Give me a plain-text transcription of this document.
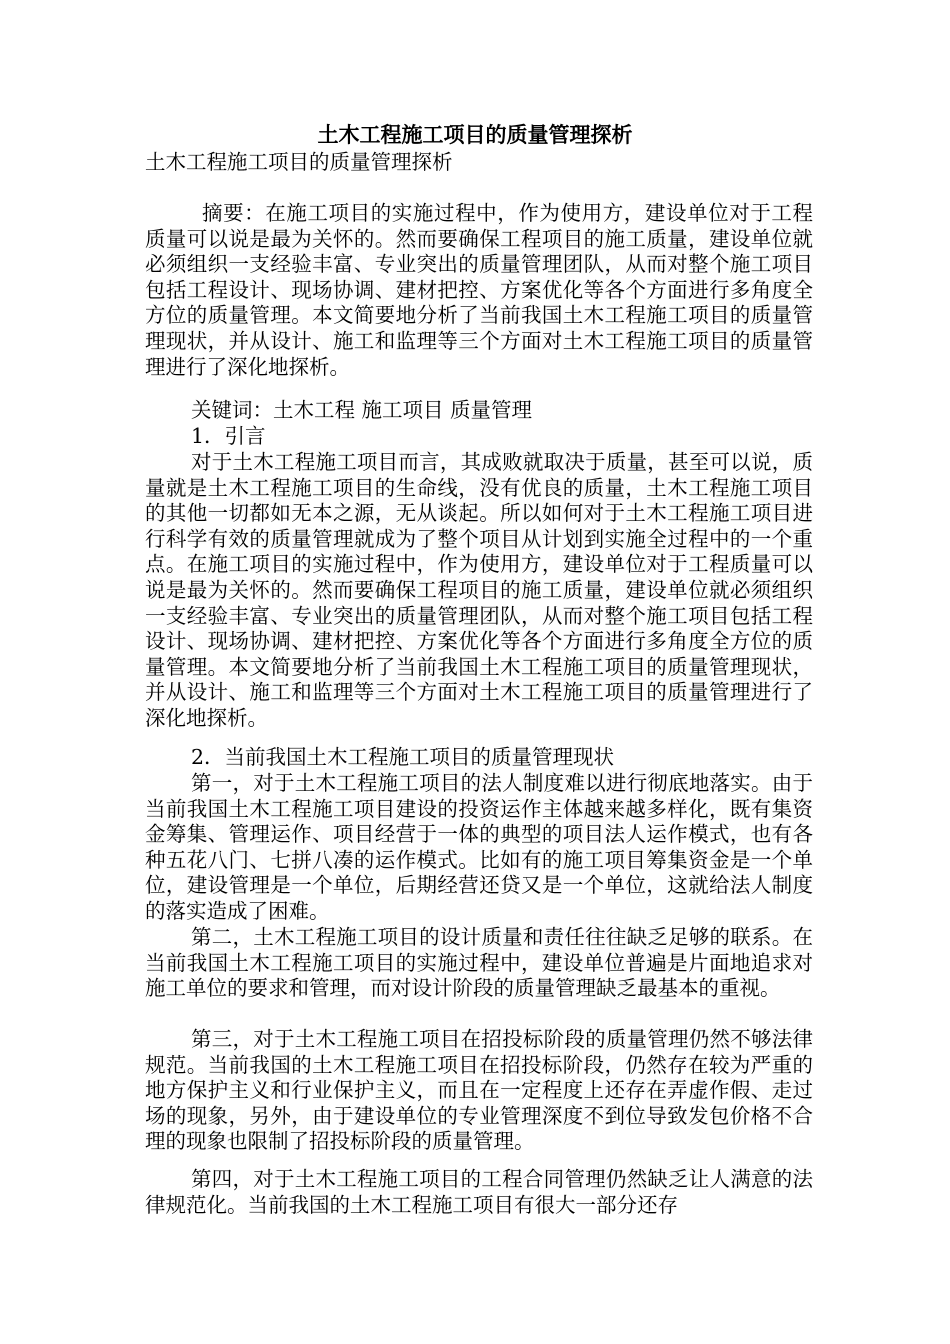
土木工程施工项目的质量管理探析

土木工程施工项目的质量管理探析

摘要：在施工项目的实施过程中，作为使用方，建设单位对于工程质量可以说是最为关怀的。然而要确保工程项目的施工质量，建设单位就必须组织一支经验丰富、专业突出的质量管理团队，从而对整个施工项目包括工程设计、现场协调、建材把控、方案优化等各个方面进行多角度全方位的质量管理。本文简要地分析了当前我国土木工程施工项目的质量管理现状，并从设计、施工和监理等三个方面对土木工程施工项目的质量管理进行了深化地探析。

关键词：土木工程 施工项目 质量管理

1．引言

对于土木工程施工项目而言，其成败就取决于质量，甚至可以说，质量就是土木工程施工项目的生命线，没有优良的质量，土木工程施工项目的其他一切都如无本之源，无从谈起。所以如何对于土木工程施工项目进行科学有效的质量管理就成为了整个项目从计划到实施全过程中的一个重点。在施工项目的实施过程中，作为使用方，建设单位对于工程质量可以说是最为关怀的。然而要确保工程项目的施工质量，建设单位就必须组织一支经验丰富、专业突出的质量管理团队，从而对整个施工项目包括工程设计、现场协调、建材把控、方案优化等各个方面进行多角度全方位的质量管理。本文简要地分析了当前我国土木工程施工项目的质量管理现状，并从设计、施工和监理等三个方面对土木工程施工项目的质量管理进行了深化地探析。

2．当前我国土木工程施工项目的质量管理现状

第一，对于土木工程施工项目的法人制度难以进行彻底地落实。由于当前我国土木工程施工项目建设的投资运作主体越来越多样化，既有集资金筹集、管理运作、项目经营于一体的典型的项目法人运作模式，也有各种五花八门、七拼八凑的运作模式。比如有的施工项目筹集资金是一个单位，建设管理是一个单位，后期经营还贷又是一个单位，这就给法人制度的落实造成了困难。

第二，土木工程施工项目的设计质量和责任往往缺乏足够的联系。在当前我国土木工程施工项目的实施过程中，建设单位普遍是片面地追求对施工单位的要求和管理，而对设计阶段的质量管理缺乏最基本的重视。

第三，对于土木工程施工项目在招投标阶段的质量管理仍然不够法律规范。当前我国的土木工程施工项目在招投标阶段，仍然存在较为严重的地方保护主义和行业保护主义，而且在一定程度上还存在弄虚作假、走过场的现象，另外，由于建设单位的专业管理深度不到位导致发包价格不合理的现象也限制了招投标阶段的质量管理。

第四，对于土木工程施工项目的工程合同管理仍然缺乏让人满意的法律规范化。当前我国的土木工程施工项目有很大一部分还存
